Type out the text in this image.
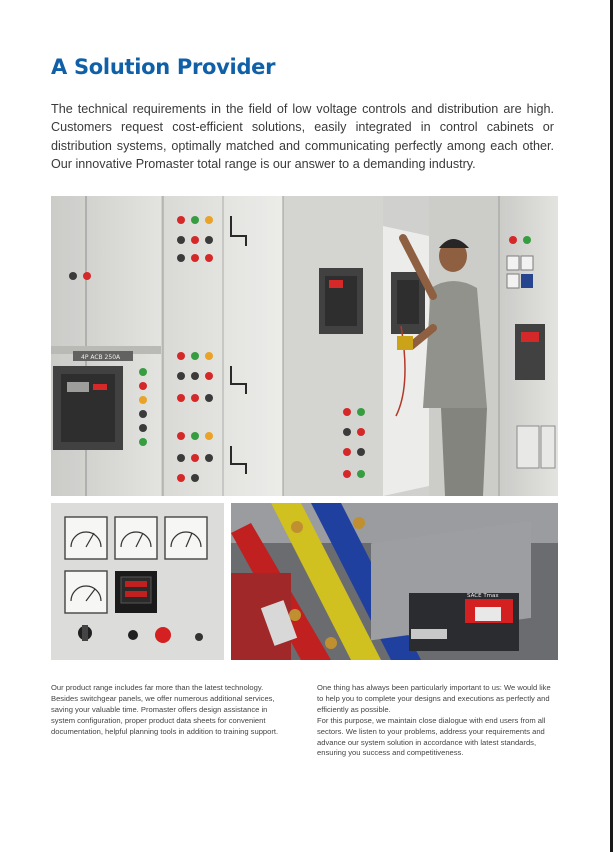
A Solution Provider

The technical requirements in the field of low voltage controls and distribution are high. Customers request cost-efficient solutions, easily integrated in control cabinets or distribution systems, optimally matched and communicating perfectly among each other. Our innovative Promaster total range is our answer to a demanding industry.

4P ACB 250A
SACE Tmax

Our product range includes far more than the latest technology. Besides switchgear panels, we offer numerous additional services, saving your valuable time. Promaster offers design assistance in system configuration, proper product data sheets for convenient documentation, helpful planning tools in addition to training support.

One thing has always been particularly important to us: We would like to help you to complete your designs and executions as perfectly and efficiently as possible.

For this purpose, we maintain close dialogue with end users from all sectors. We listen to your problems, address your requirements and advance our system solution in accordance with latest standards, ensuring you success and competitiveness.
